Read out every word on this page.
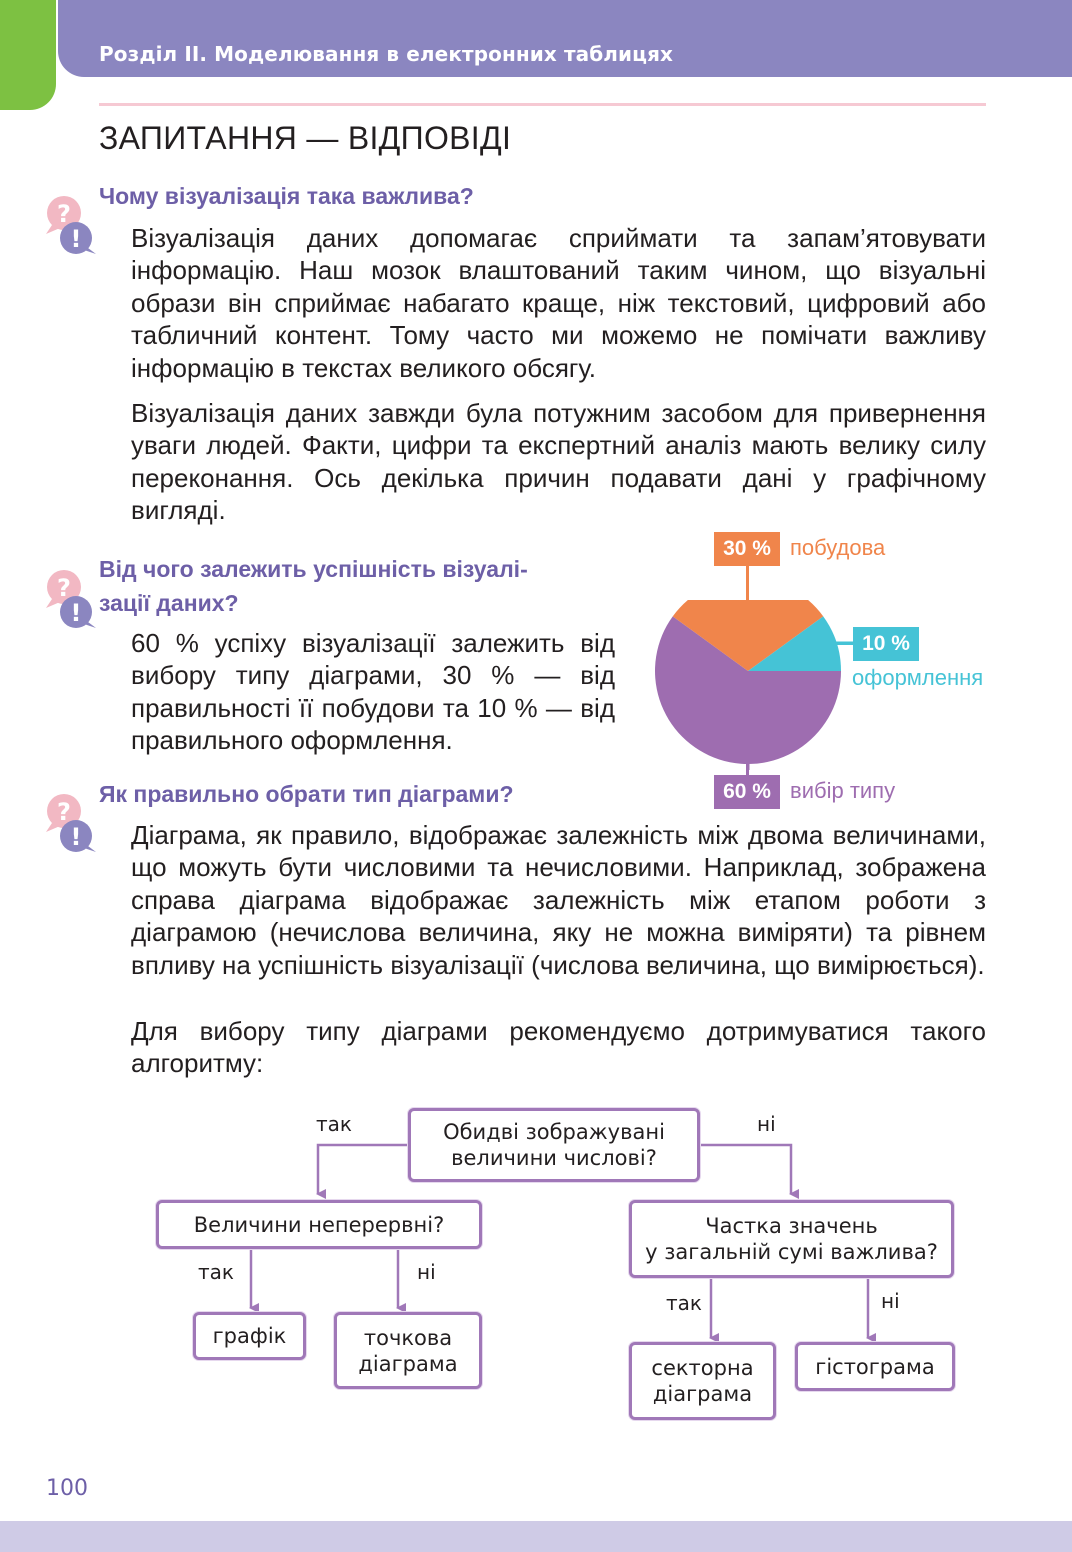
Розділ ІІ. Моделювання в електронних таблицях
ЗАПИТАННЯ — ВІДПОВІДІ
?
!
?
!
?
!
Чому візуалізація така важлива?
Візуалізація даних допомагає сприймати та запам’ятовувати інформацію. Наш мозок влаштований таким чином, що візуальні образи він сприймає набагато краще, ніж текстовий, цифровий або табличний контент. Тому часто ми можемо не помічати важливу інформацію в текстах великого обсягу.
Візуалізація даних завжди була потужним засобом для привернення уваги людей. Факти, цифри та експертний аналіз мають велику силу переконання. Ось декілька причин подавати дані у графічному вигляді.
Від чого залежить успішність візуалі-
зації даних?
60 % успіху візуалізації залежить від вибору типу діаграми, 30 % — від правильності її побудови та 10 % — від правильного оформлення.
30 % побудова
10 %
оформлення
60 % вибір типу
Як правильно обрати тип діаграми?
Діаграма, як правило, відображає залежність між двома величинами, що можуть бути числовими та нечисловими. Наприклад, зображена справа діаграма відображає залежність між етапом роботи з діаграмою (нечислова величина, яку не можна виміряти) та рівнем впливу на успішність візуалізації (числова величина, що вимірюється).
Для вибору типу діаграми рекомендуємо дотримуватися такого алгоритму:
так	ні
Обидві зображувані величини числові?
Величини неперервні?	Частка значень
у загальній сумі важлива?
так	ні
так	ні
графік	точкова
діаграма	секторна
діаграма
гістограма
100
